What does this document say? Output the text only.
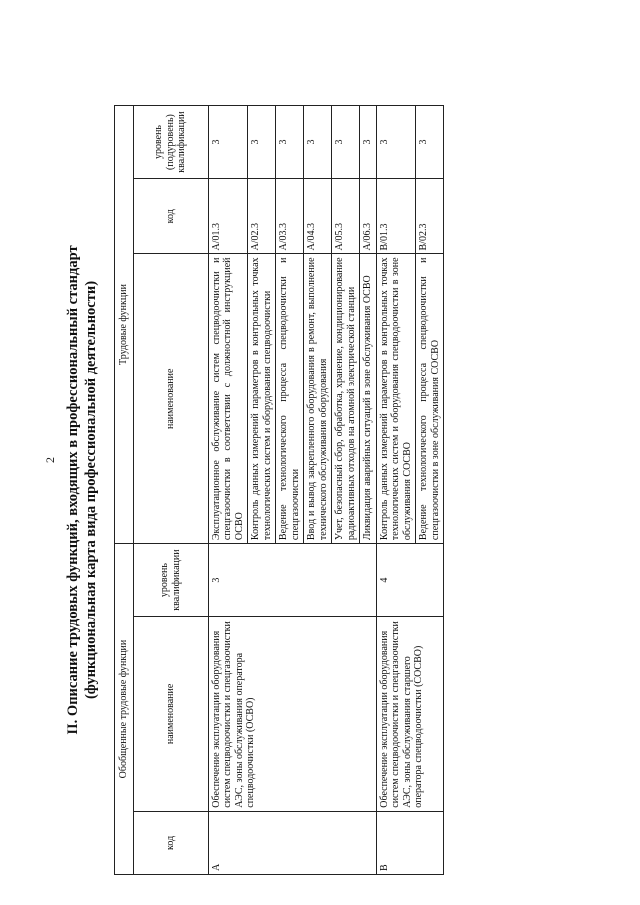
2 II. Описание трудовых функций, входящих в профессиональный стандарт (функциональная карта вида профессиональной деятельности)
Обобщенные трудовые функции			Трудовые функции		
код	наименование	уровень квалификации	наименование	код	уровень (подуровень) квалификации
A	Обеспечение эксплуатации оборудования систем спецводоочистки и спецгазоочистки АЭС, зоны обслуживания оператора спецводоочистки (ОСВО)	3	Эксплуатационное обслуживание систем спецводоочистки и спецгазоочистки в соответствии с должностной инструкцией ОСВО	A/01.3	3
			Контроль данных измерений параметров в контрольных точках технологических систем и оборудования спецводоочистки	A/02.3	3
			Ведение технологического процесса спецводоочистки и спецгазоочистки	A/03.3	3
			Ввод и вывод закрепленного оборудования в ремонт, выполнение технического обслуживания оборудования	A/04.3	3
			Учет, безопасный сбор, обработка, хранение, кондиционирование радиоактивных отходов на атомной электрической станции	A/05.3	3
			Ликвидация аварийных ситуаций в зоне обслуживания ОСВО	A/06.3	3
B	Обеспечение эксплуатации оборудования систем спецводоочистки и спецгазоочистки АЭС, зоны обслуживания старшего оператора спецводоочистки (СОСВО)	4	Контроль данных измерений параметров в контрольных точках технологических систем и оборудования спецводоочистки в зоне обслуживания СОСВО	B/01.3	3
			Ведение технологического процесса спецводоочистки и спецгазоочистки в зоне обслуживания СОСВО	B/02.3	3
